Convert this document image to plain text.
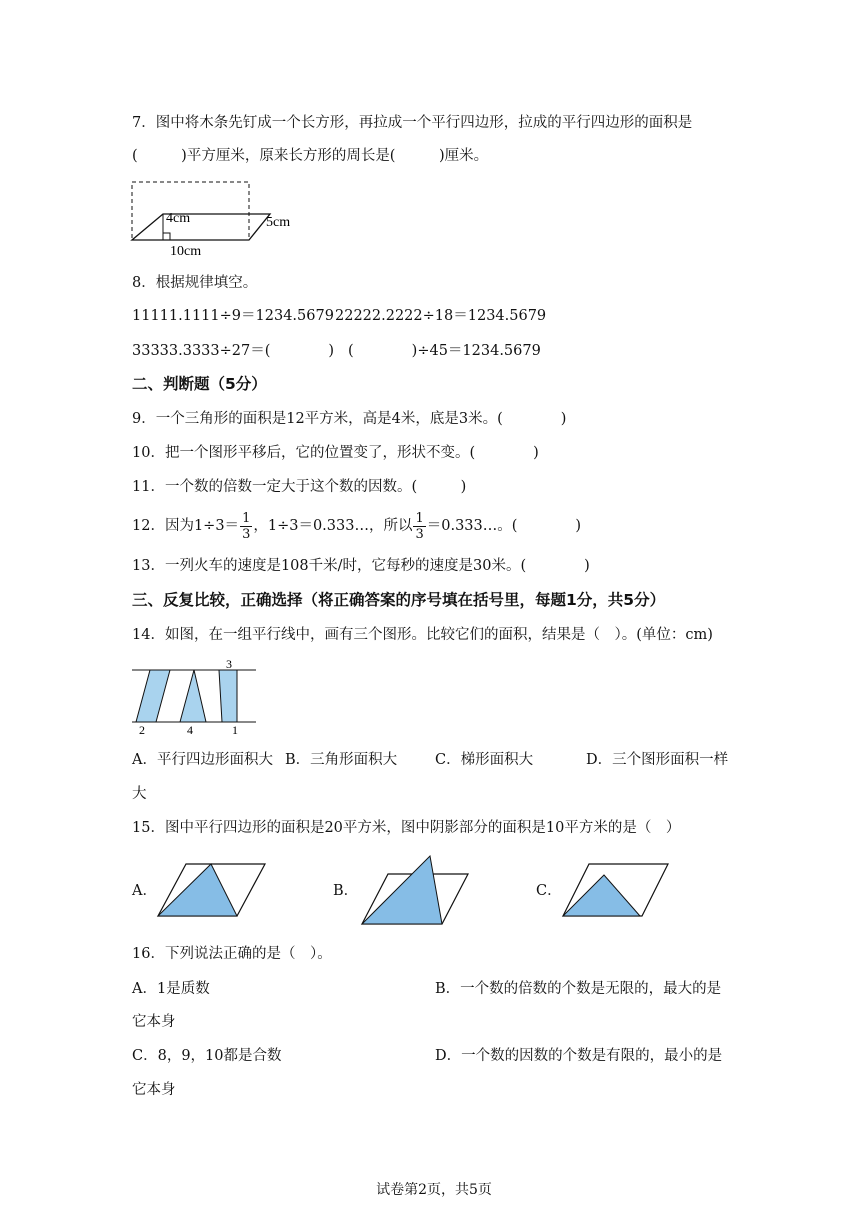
7．图中将木条先钉成一个长方形，再拉成一个平行四边形，拉成的平行四边形的面积是
(　　　)平方厘米，原来长方形的周长是(　　　)厘米。
4cm	5cm
10cm
8．根据规律填空。
11111.1111÷9＝1234.5679 22222.2222÷18＝1234.5679
33333.3333÷27＝(　　　　) (　　　　)÷45＝1234.5679
二、判断题（5分）
9．一个三角形的面积是12平方米，高是4米，底是3米。(　　　　)
10．把一个图形平移后，它的位置变了，形状不变。(　　　　)
11．一个数的倍数一定大于这个数的因数。(　　　)
12．因为$1\div 3= \frac{1}{3}$ ，1÷3＝0.333…，所以 $\frac{1}{3}$ ＝0.333…。(　　　　)
13．一列火车的速度是108千米/时，它每秒的速度是30米。(　　　　)
三、反复比较，正确选择（将正确答案的序号填在括号里，每题1分，共5分）
14．如图，在一组平行线中，画有三个图形。比较它们的面积，结果是（　）。(单位：cm)
3
2	4	1
A．平行四边形面积大 B．三角形面积大	C．梯形面积大	D．三个图形面积一样
大
15．图中平行四边形的面积是20平方米，图中阴影部分的面积是10平方米的是（　）
A．	B．	C．
16．下列说法正确的是（　）。
A．1是质数	B．一个数的倍数的个数是无限的，最大的是
它本身
C．8，9，10都是合数	D．一个数的因数的个数是有限的，最小的是
它本身
试卷第2页，共5页
